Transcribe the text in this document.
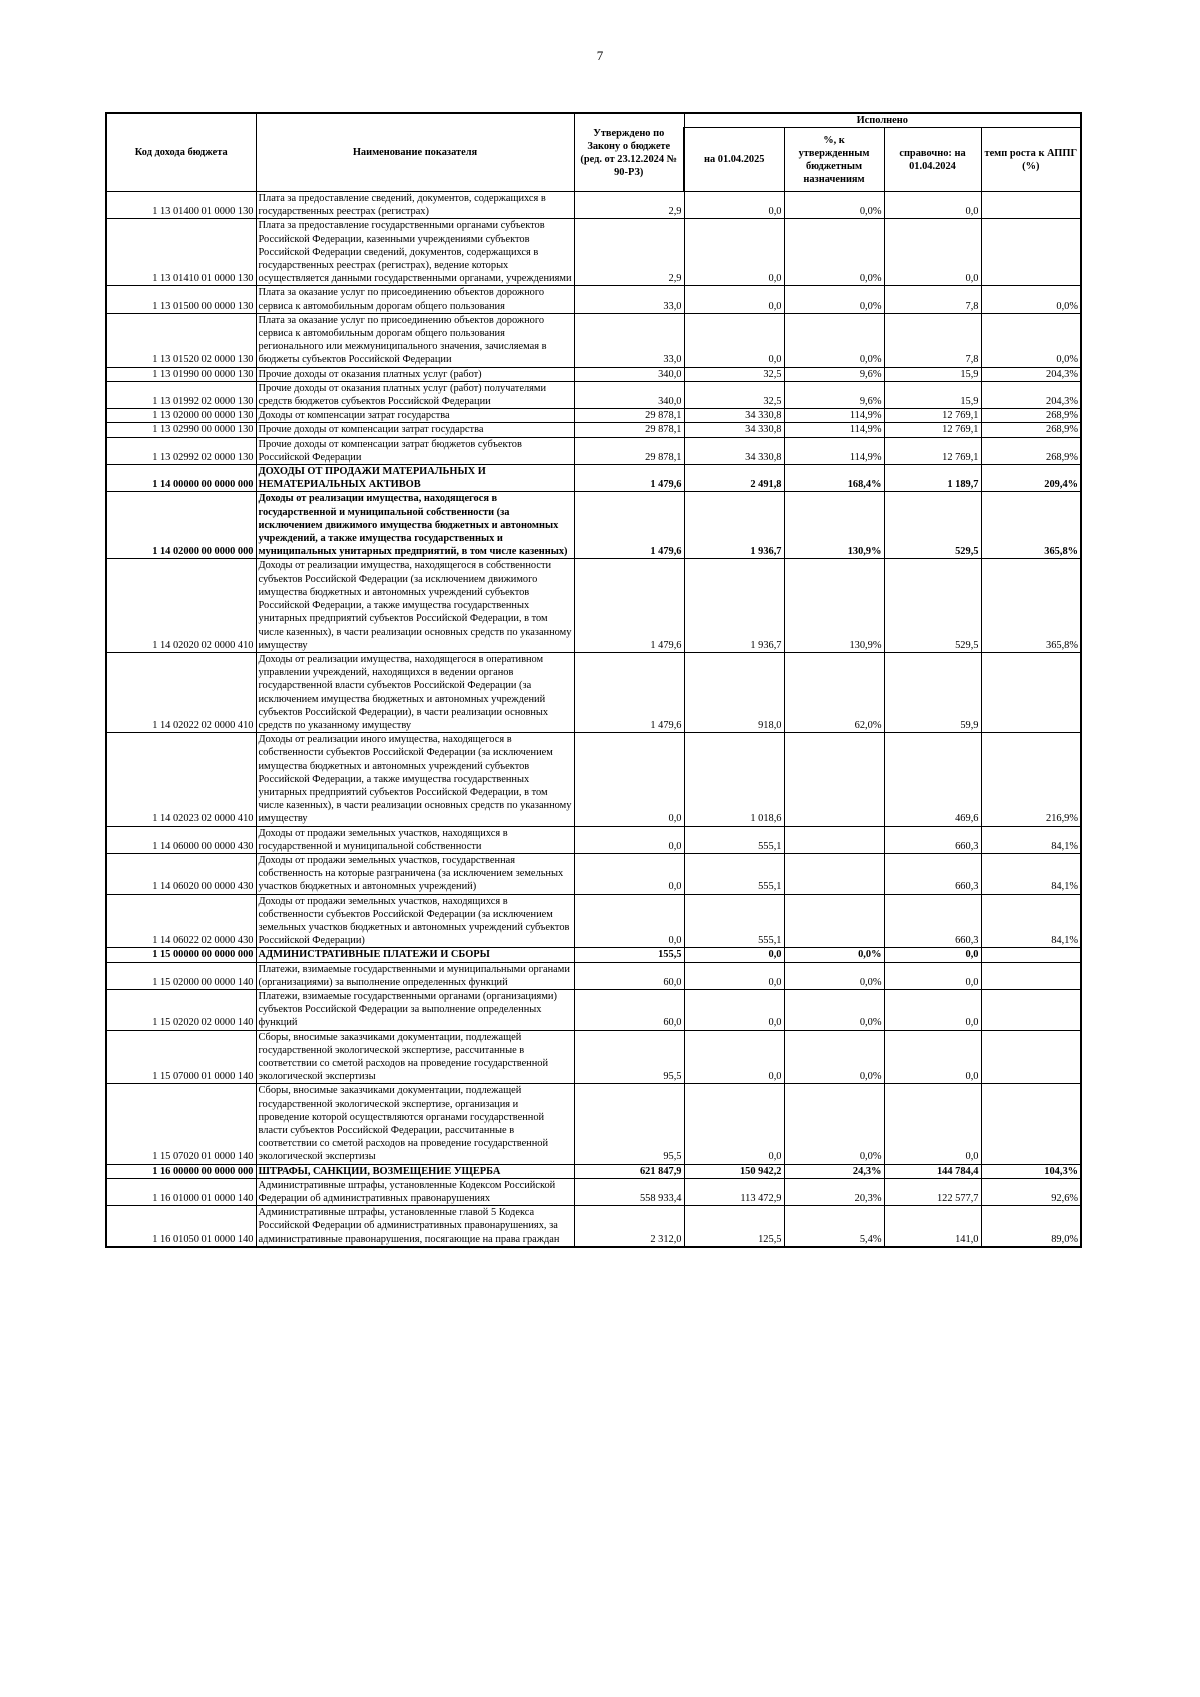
7
Код дохода бюджета	Наименование показателя	Утверждено по Закону о бюджете (ред. от 23.12.2024 № 90-РЗ)	Исполнено			
			на 01.04.2025	%, к утвержденным бюджетным назначениям	справочно: на 01.04.2024	темп роста к АППГ (%)
1 13 01400 01 0000 130	Плата за предоставление сведений, документов, содержащихся в государственных реестрах (регистрах)	2,9	0,0	0,0%	0,0	
1 13 01410 01 0000 130	Плата за предоставление государственными органами субъектов Российской Федерации, казенными учреждениями субъектов Российской Федерации сведений, документов, содержащихся в государственных реестрах (регистрах), ведение которых осуществляется данными государственными органами, учреждениями	2,9	0,0	0,0%	0,0	
1 13 01500 00 0000 130	Плата за оказание услуг по присоединению объектов дорожного сервиса к автомобильным дорогам общего пользования	33,0	0,0	0,0%	7,8	0,0%
1 13 01520 02 0000 130	Плата за оказание услуг по присоединению объектов дорожного сервиса к автомобильным дорогам общего пользования регионального или межмуниципального значения, зачисляемая в бюджеты субъектов Российской Федерации	33,0	0,0	0,0%	7,8	0,0%
1 13 01990 00 0000 130	Прочие доходы от оказания платных услуг (работ)	340,0	32,5	9,6%	15,9	204,3%
1 13 01992 02 0000 130	Прочие доходы от оказания платных услуг (работ) получателями средств бюджетов субъектов Российской Федерации	340,0	32,5	9,6%	15,9	204,3%
1 13 02000 00 0000 130	Доходы от компенсации затрат государства	29 878,1	34 330,8	114,9%	12 769,1	268,9%
1 13 02990 00 0000 130	Прочие доходы от компенсации затрат государства	29 878,1	34 330,8	114,9%	12 769,1	268,9%
1 13 02992 02 0000 130	Прочие доходы от компенсации затрат бюджетов субъектов Российской Федерации	29 878,1	34 330,8	114,9%	12 769,1	268,9%
1 14 00000 00 0000 000	ДОХОДЫ ОТ ПРОДАЖИ МАТЕРИАЛЬНЫХ И НЕМАТЕРИАЛЬНЫХ АКТИВОВ	1 479,6	2 491,8	168,4%	1 189,7	209,4%
1 14 02000 00 0000 000	Доходы от реализации имущества, находящегося в государственной и муниципальной собственности (за исключением движимого имущества бюджетных и автономных учреждений, а также имущества государственных и муниципальных унитарных предприятий, в том числе казенных)	1 479,6	1 936,7	130,9%	529,5	365,8%
1 14 02020 02 0000 410	Доходы от реализации имущества, находящегося в собственности субъектов Российской Федерации (за исключением движимого имущества бюджетных и автономных учреждений субъектов Российской Федерации, а также имущества государственных унитарных предприятий субъектов Российской Федерации, в том числе казенных), в части реализации основных средств по указанному имуществу	1 479,6	1 936,7	130,9%	529,5	365,8%
1 14 02022 02 0000 410	Доходы от реализации имущества, находящегося в оперативном управлении учреждений, находящихся в ведении органов государственной власти субъектов Российской Федерации (за исключением имущества бюджетных и автономных учреждений субъектов Российской Федерации), в части реализации основных средств по указанному имуществу	1 479,6	918,0	62,0%	59,9	
1 14 02023 02 0000 410	Доходы от реализации иного имущества, находящегося в собственности субъектов Российской Федерации (за исключением имущества бюджетных и автономных учреждений субъектов Российской Федерации, а также имущества государственных унитарных предприятий субъектов Российской Федерации, в том числе казенных), в части реализации основных средств по указанному имуществу	0,0	1 018,6		469,6	216,9%
1 14 06000 00 0000 430	Доходы от продажи земельных участков, находящихся в государственной и муниципальной собственности	0,0	555,1		660,3	84,1%
1 14 06020 00 0000 430	Доходы от продажи земельных участков, государственная собственность на которые разграничена (за исключением земельных участков бюджетных и автономных учреждений)	0,0	555,1		660,3	84,1%
1 14 06022 02 0000 430	Доходы от продажи земельных участков, находящихся в собственности субъектов Российской Федерации (за исключением земельных участков бюджетных и автономных учреждений субъектов Российской Федерации)	0,0	555,1		660,3	84,1%
1 15 00000 00 0000 000	АДМИНИСТРАТИВНЫЕ ПЛАТЕЖИ И СБОРЫ	155,5	0,0	0,0%	0,0	
1 15 02000 00 0000 140	Платежи, взимаемые государственными и муниципальными органами (организациями) за выполнение определенных функций	60,0	0,0	0,0%	0,0	
1 15 02020 02 0000 140	Платежи, взимаемые государственными органами (организациями) субъектов Российской Федерации за выполнение определенных функций	60,0	0,0	0,0%	0,0	
1 15 07000 01 0000 140	Сборы, вносимые заказчиками документации, подлежащей государственной экологической экспертизе, рассчитанные в соответствии со сметой расходов на проведение государственной экологической экспертизы	95,5	0,0	0,0%	0,0	
1 15 07020 01 0000 140	Сборы, вносимые заказчиками документации, подлежащей государственной экологической экспертизе, организация и проведение которой осуществляются органами государственной власти субъектов Российской Федерации, рассчитанные в соответствии со сметой расходов на проведение государственной экологической экспертизы	95,5	0,0	0,0%	0,0	
1 16 00000 00 0000 000	ШТРАФЫ, САНКЦИИ, ВОЗМЕЩЕНИЕ УЩЕРБА	621 847,9	150 942,2	24,3%	144 784,4	104,3%
1 16 01000 01 0000 140	Административные штрафы, установленные Кодексом Российской Федерации об административных правонарушениях	558 933,4	113 472,9	20,3%	122 577,7	92,6%
1 16 01050 01 0000 140	Административные штрафы, установленные главой 5 Кодекса Российской Федерации об административных правонарушениях, за административные правонарушения, посягающие на права граждан	2 312,0	125,5	5,4%	141,0	89,0%
